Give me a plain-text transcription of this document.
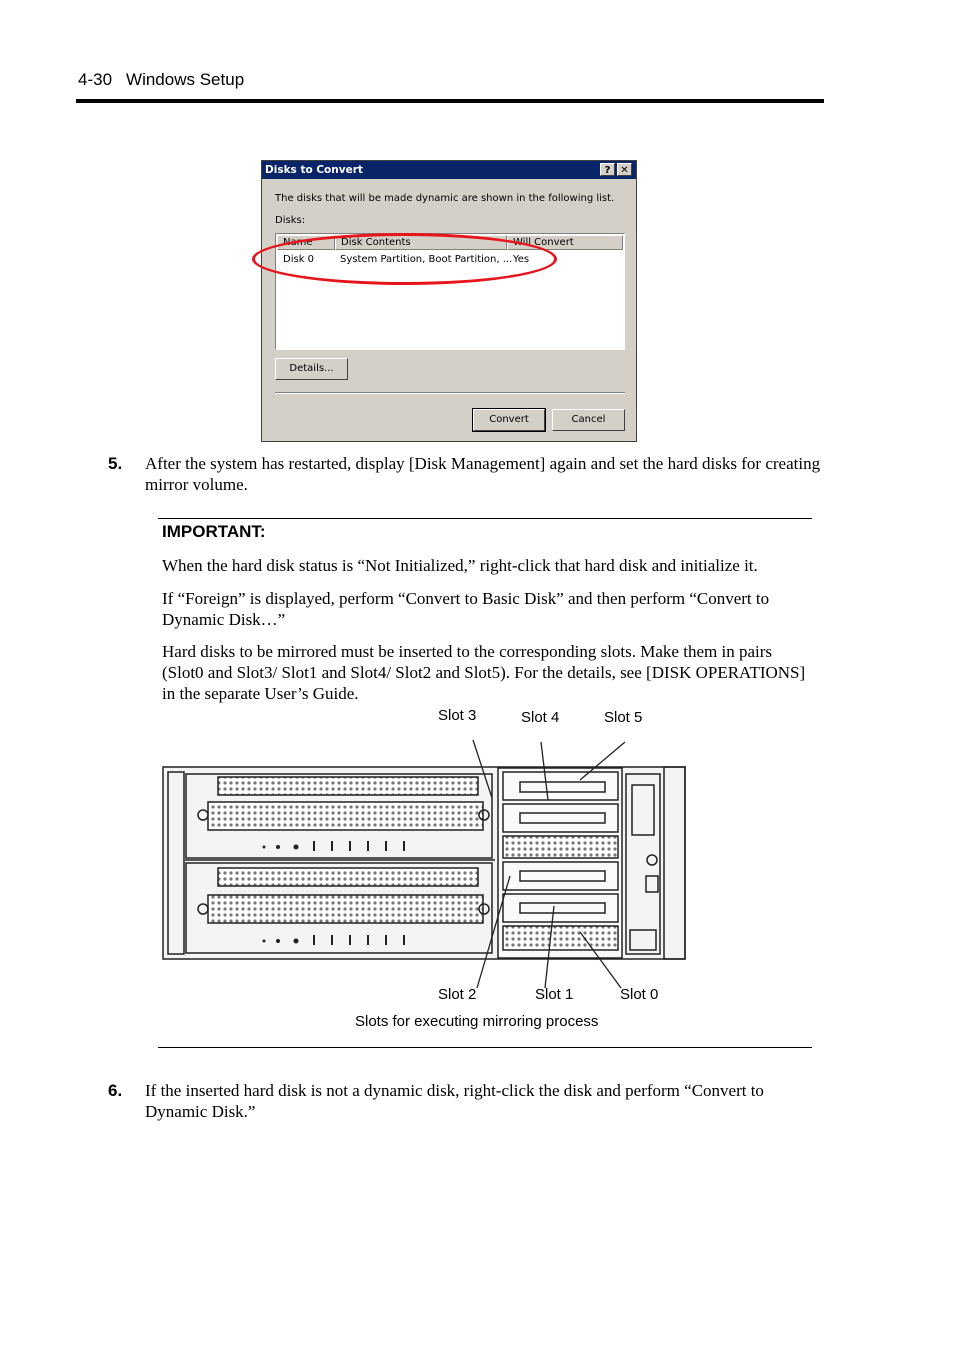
4-30 Windows Setup
Disks to Convert	? ✕
The disks that will be made dynamic are shown in the following list.
Disks:
Name	Disk Contents	Will Convert
Disk 0	System Partition, Boot Partition, ... Yes
Details...
Convert	Cancel
5. After the system has restarted, display [Disk Management] again and set the hard disks for creating mirror volume.
IMPORTANT:
When the hard disk status is “Not Initialized,” right-click that hard disk and initialize it.
If “Foreign” is displayed, perform “Convert to Basic Disk” and then perform “Convert to Dynamic Disk…”
Hard disks to be mirrored must be inserted to the corresponding slots. Make them in pairs (Slot0 and Slot3/ Slot1 and Slot4/ Slot2 and Slot5). For the details, see [DISK OPERATIONS] in the separate User’s Guide.
Slot 3	Slot 4	Slot 5
Slot 2	Slot 1	Slot 0
Slots for executing mirroring process
6. If the inserted hard disk is not a dynamic disk, right-click the disk and perform “Convert to Dynamic Disk.”
